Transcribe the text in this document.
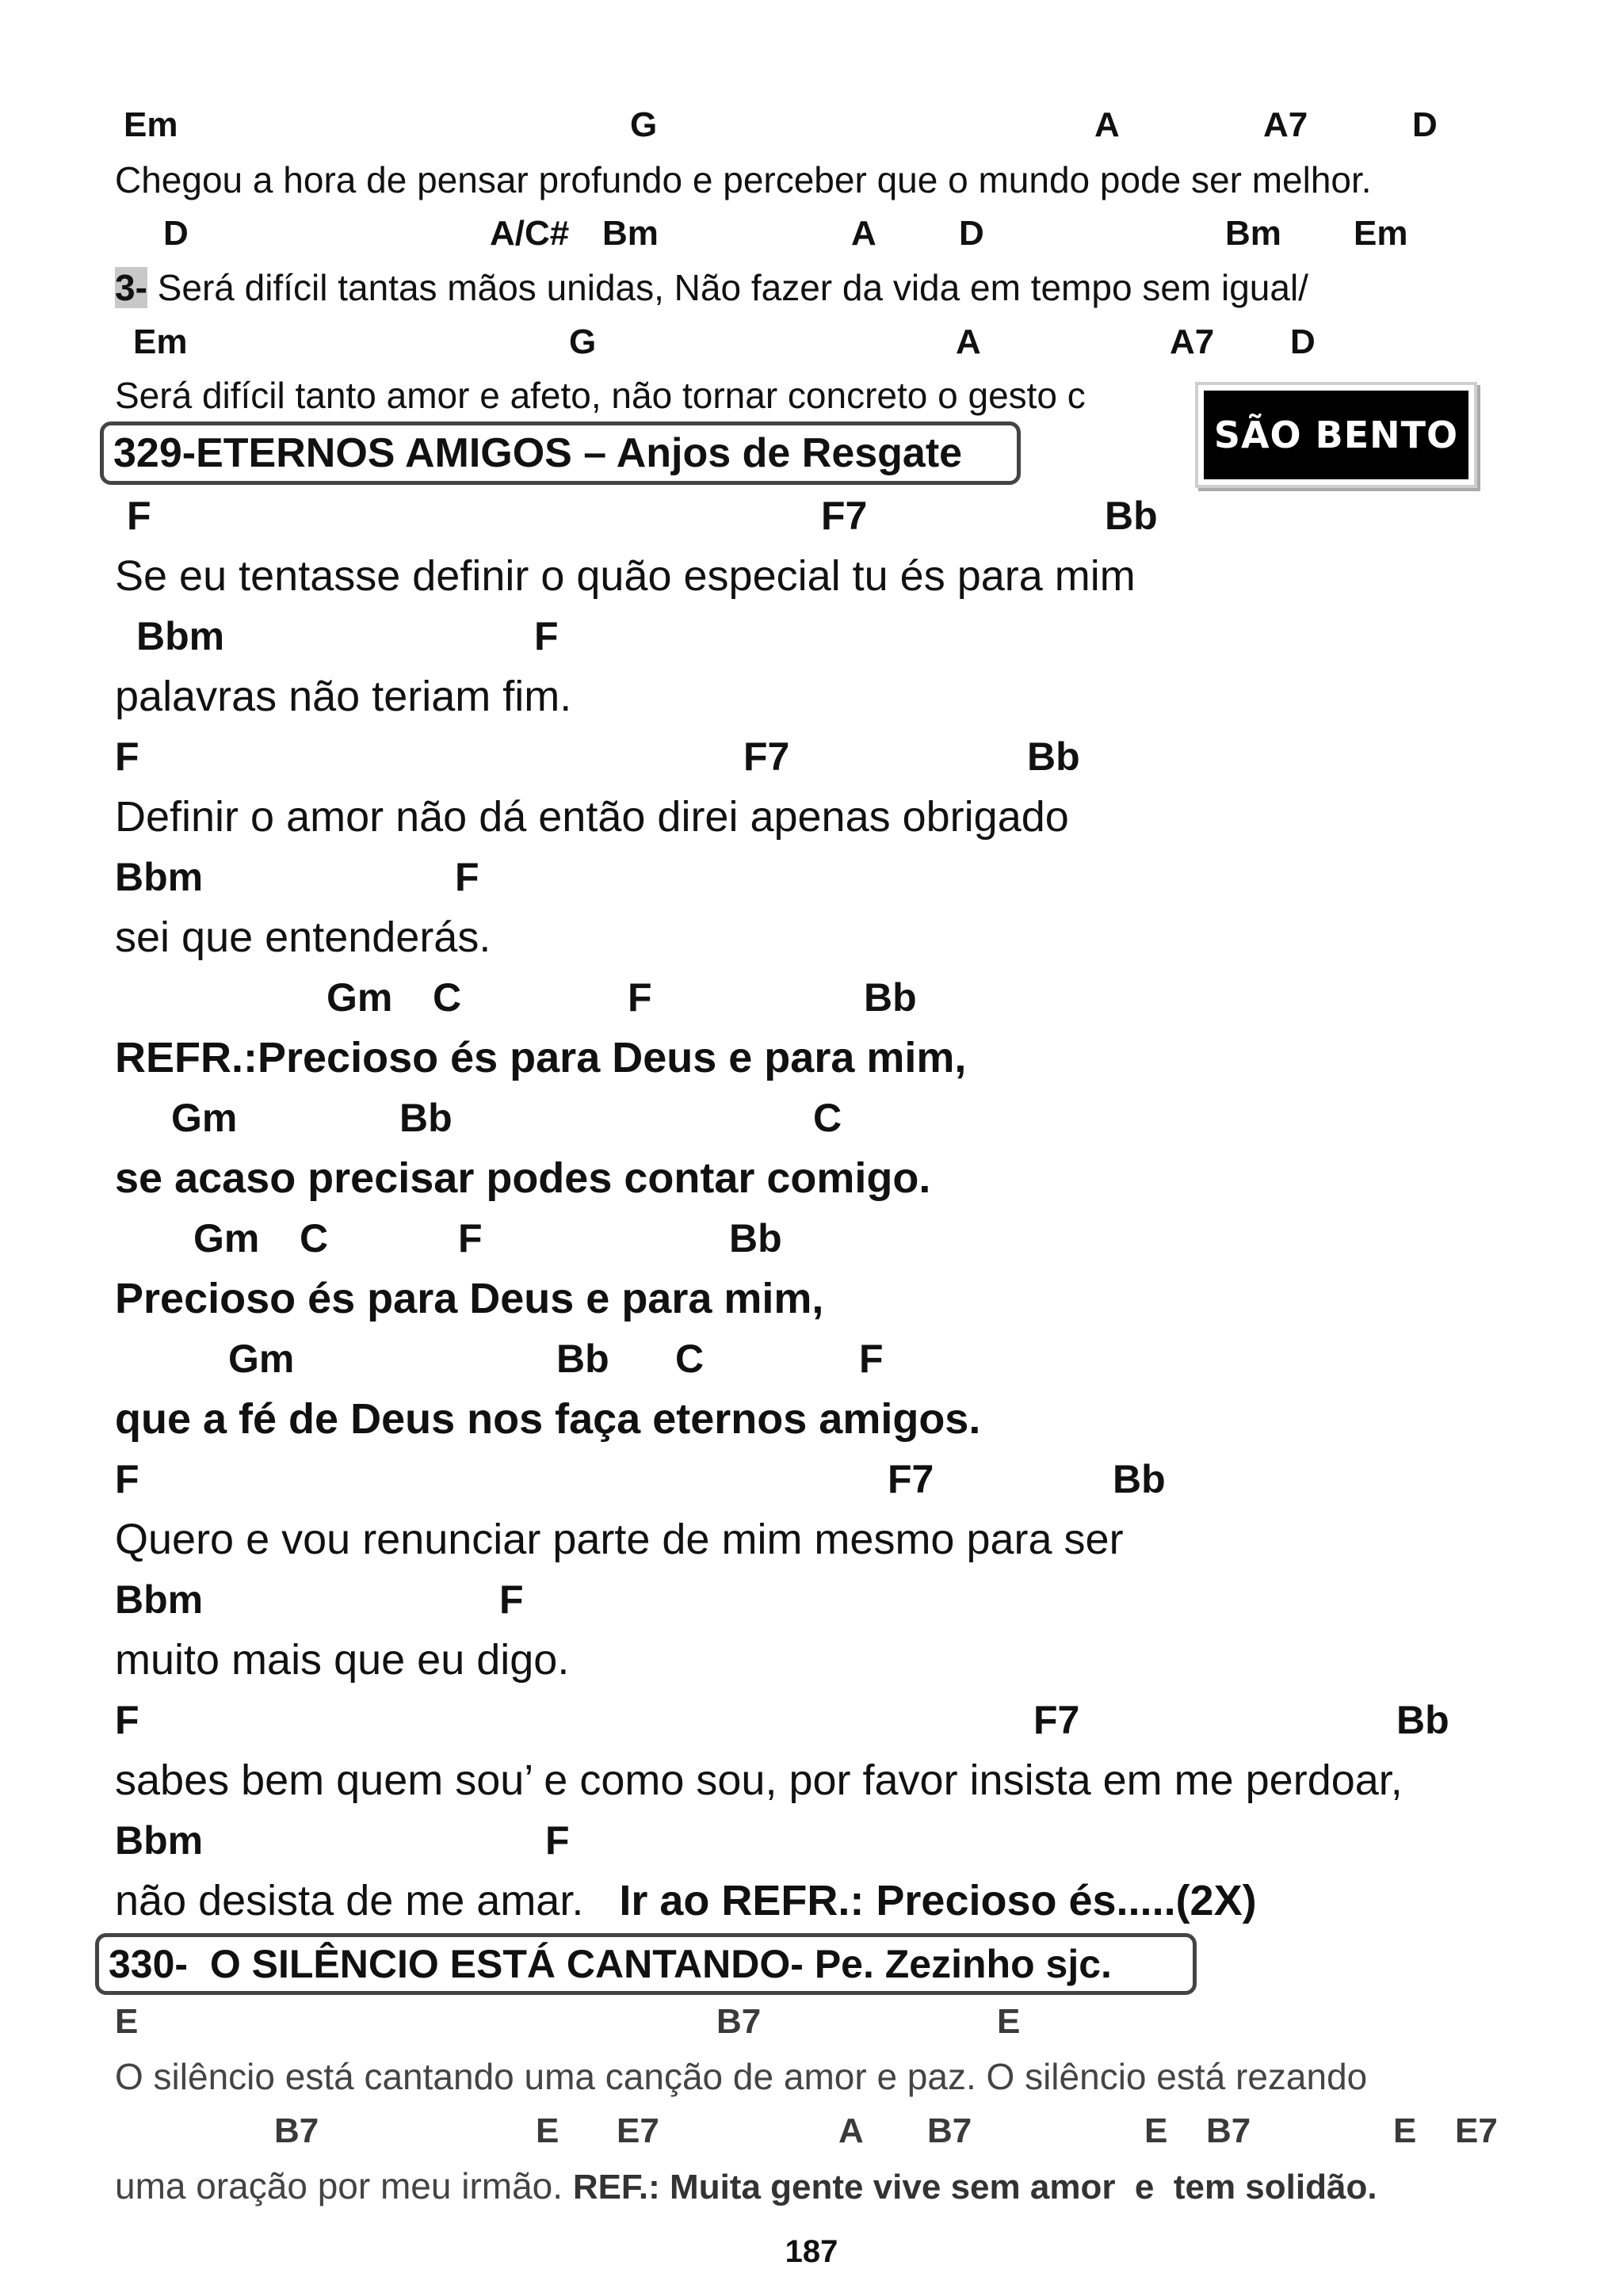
Em	G	A	A7	D
Chegou a hora de pensar profundo e perceber que o mundo pode ser melhor.
D	A/C# Bm	A D	Bm Em
3- Será difícil tantas mãos unidas, Não fazer da vida em tempo sem igual/
Em	G	A	A7 D
Será difícil tanto amor e afeto, não tornar concreto o gesto c
SÃO BENTO
329-ETERNOS AMIGOS – Anjos de Resgate
F	F7	Bb
Se eu tentasse definir o quão especial tu és para mim
Bbm	F
palavras não teriam fim.
F	F7	Bb
Definir o amor não dá então direi apenas obrigado
Bbm	F
sei que entenderás.
Gm C	F	Bb
REFR.:Precioso és para Deus e para mim,
Gm	Bb	C
se acaso precisar podes contar comigo.
Gm C	F	Bb
Precioso és para Deus e para mim,
Gm	Bb C	F
que a fé de Deus nos faça eternos amigos.
F	F7	Bb
Quero e vou renunciar parte de mim mesmo para ser
Bbm	F
muito mais que eu digo.
F	F7	Bb
sabes bem quem sou’ e como sou, por favor insista em me perdoar,
Bbm	F
não desista de me amar. Ir ao REFR.: Precioso és.....(2X)
330-  O SILÊNCIO ESTÁ CANTANDO- Pe. Zezinho sjc.
E	B7	E
O silêncio está cantando uma canção de amor e paz. O silêncio está rezando
B7	E E7	A B7	E B7	E E7
uma oração por meu irmão. REF.: Muita gente vive sem amor  e  tem solidão.
187
